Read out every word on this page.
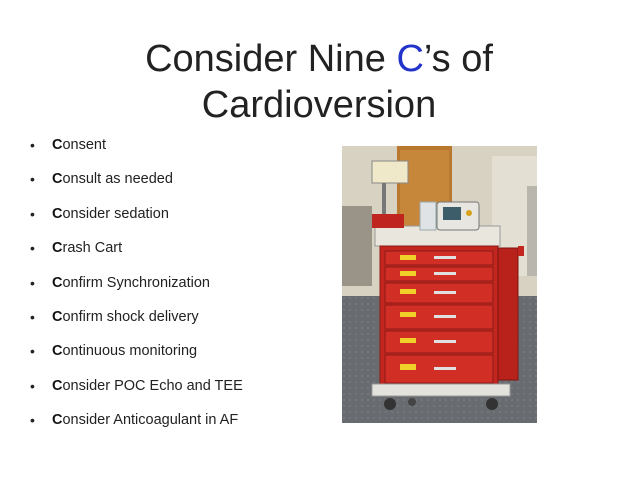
Consider Nine C’s of
Cardioversion
• Consent
• Consult as needed
• Consider sedation
• Crash Cart
• Confirm Synchronization
• Confirm shock delivery
• Continuous monitoring
• Consider POC Echo and TEE
• Consider Anticoagulant in AF
